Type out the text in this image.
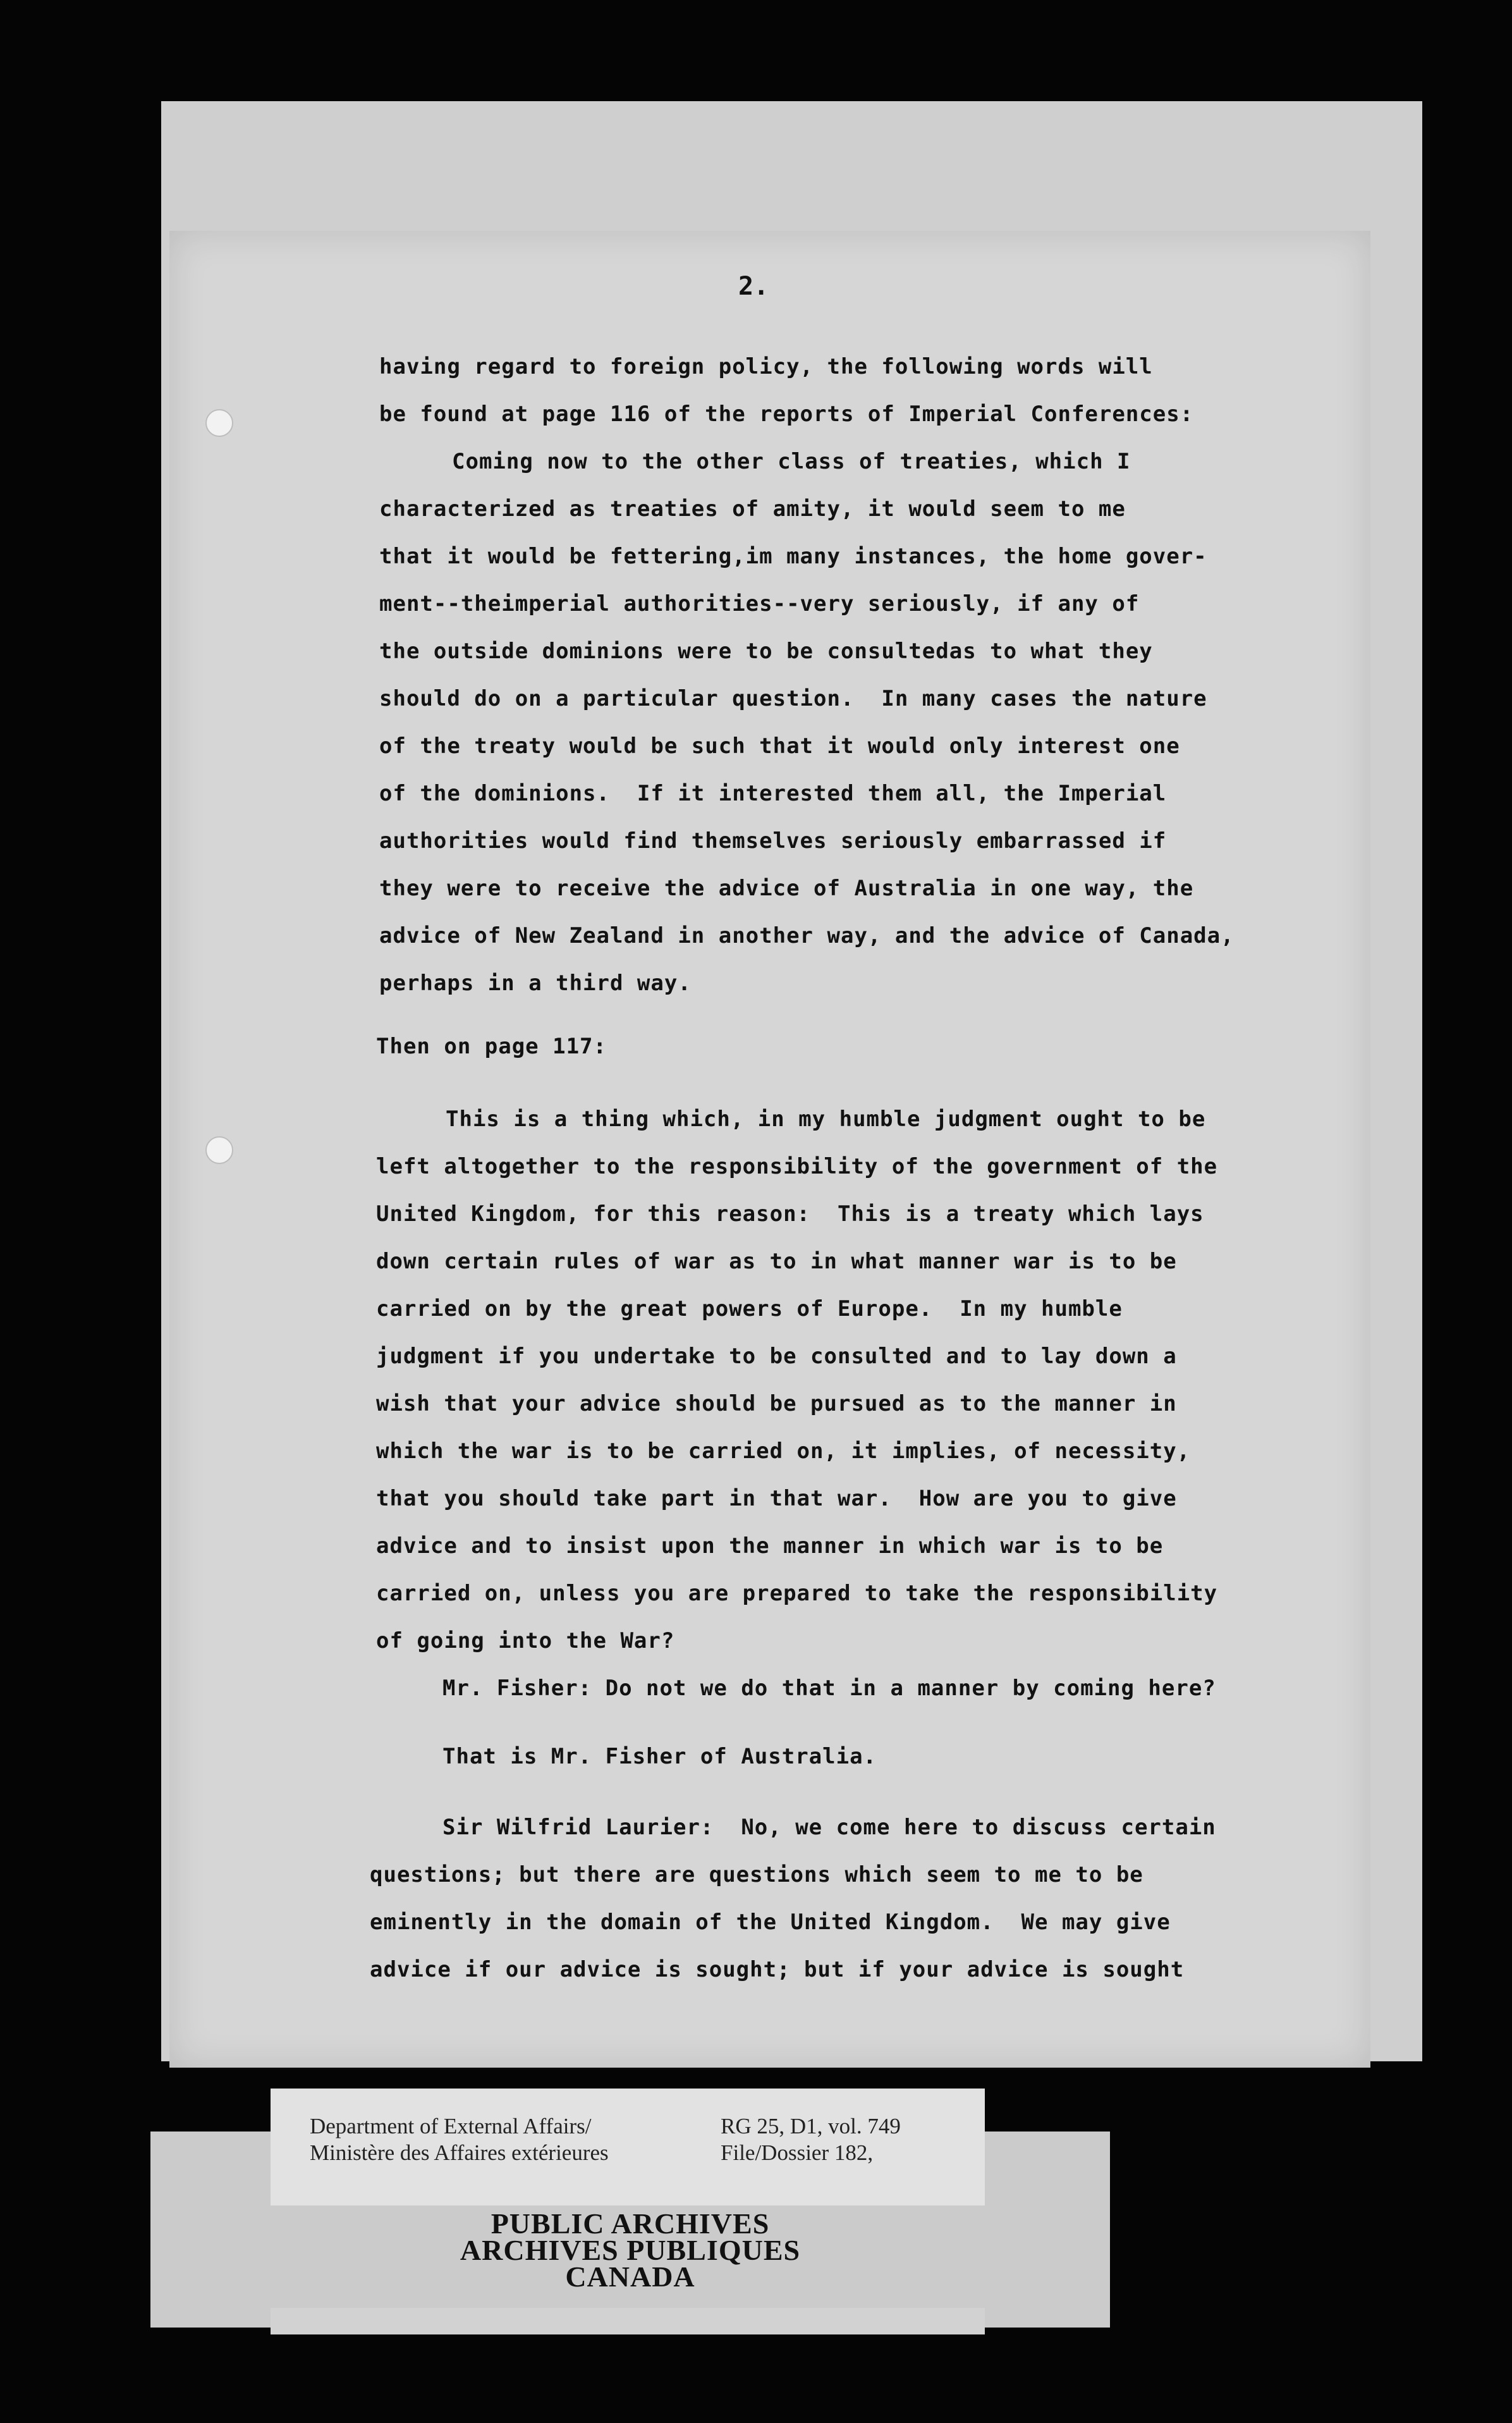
2.
having regard to foreign policy, the following words will
be found at page 116 of the reports of Imperial Conferences:
Coming now to the other class of treaties, which I
characterized as treaties of amity, it would seem to me
that it would be fettering,im many instances, the home gover-
ment--theimperial authorities--very seriously, if any of
the outside dominions were to be consultedas to what they
should do on a particular question.  In many cases the nature
of the treaty would be such that it would only interest one
of the dominions.  If it interested them all, the Imperial
authorities would find themselves seriously embarrassed if
they were to receive the advice of Australia in one way, the
advice of New Zealand in another way, and the advice of Canada,
perhaps in a third way.
Then on page 117:
This is a thing which, in my humble judgment ought to be
left altogether to the responsibility of the government of the
United Kingdom, for this reason:  This is a treaty which lays
down certain rules of war as to in what manner war is to be
carried on by the great powers of Europe.  In my humble
judgment if you undertake to be consulted and to lay down a
wish that your advice should be pursued as to the manner in
which the war is to be carried on, it implies, of necessity,
that you should take part in that war.  How are you to give
advice and to insist upon the manner in which war is to be
carried on, unless you are prepared to take the responsibility
of going into the War?
Mr. Fisher: Do not we do that in a manner by coming here?
That is Mr. Fisher of Australia.
Sir Wilfrid Laurier:  No, we come here to discuss certain
questions; but there are questions which seem to me to be
eminently in the domain of the United Kingdom.  We may give
advice if our advice is sought; but if your advice is sought
PUBLIC ARCHIVES
ARCHIVES PUBLIQUES
CANADA
Department of External Affairs/
Ministère des Affaires extérieures
RG 25, D1, vol. 749
File/Dossier 182,
